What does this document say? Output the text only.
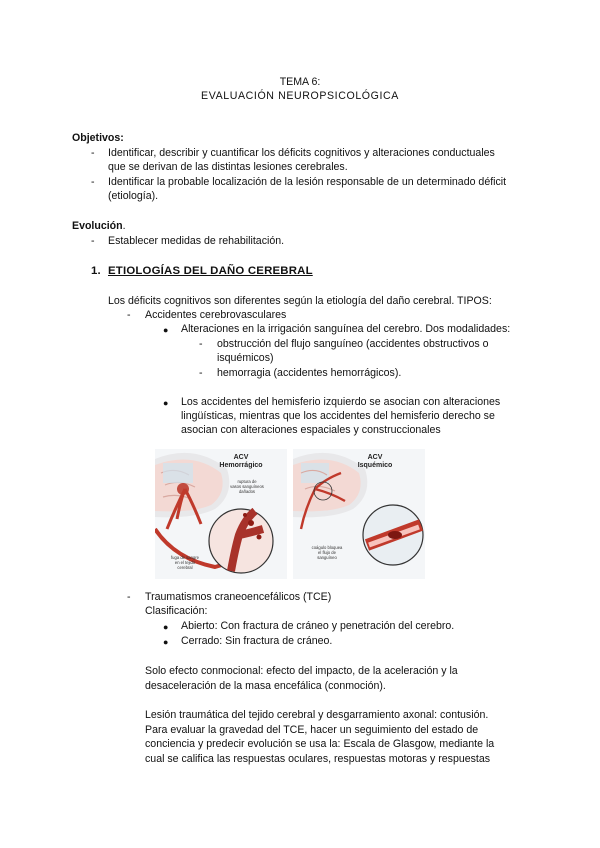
TEMA 6:
EVALUACIÓN NEUROPSICOLÓGICA
Objetivos:
- Identificar, describir y cuantificar los déficits cognitivos y alteraciones conductuales
que se derivan de las distintas lesiones cerebrales.
- Identificar la probable localización de la lesión responsable de un determinado déficit
(etiología).
Evolución.
- Establecer medidas de rehabilitación.
1. ETIOLOGÍAS DEL DAÑO CEREBRAL
Los déficits cognitivos son diferentes según la etiología del daño cerebral. TIPOS:
- Accidentes cerebrovasculares
● Alteraciones en la irrigación sanguínea del cerebro. Dos modalidades:
- obstrucción del flujo sanguíneo (accidentes obstructivos o
isquémicos)
- hemorragia (accidentes hemorrágicos).
● Los accidentes del hemisferio izquierdo se asocian con alteraciones
lingüísticas, mientras que los accidentes del hemisferio derecho se
asocian con alteraciones espaciales y construccionales
ACV
Hemorrágico
ruptura de
vasos sanguíneos
dañados
fuga de sangre
en el tejido
cerebral
ACV
Isquémico
coágulo bloquea
el flujo de
sanguíneo
- Traumatismos craneoencefálicos (TCE)
Clasificación:
● Abierto: Con fractura de cráneo y penetración del cerebro.
● Cerrado: Sin fractura de cráneo.
Solo efecto conmocional: efecto del impacto, de la aceleración y la
desaceleración de la masa encefálica (conmoción).
Lesión traumática del tejido cerebral y desgarramiento axonal: contusión.
Para evaluar la gravedad del TCE, hacer un seguimiento del estado de
conciencia y predecir evolución se usa la: Escala de Glasgow, mediante la
cual se califica las respuestas oculares, respuestas motoras y respuestas
